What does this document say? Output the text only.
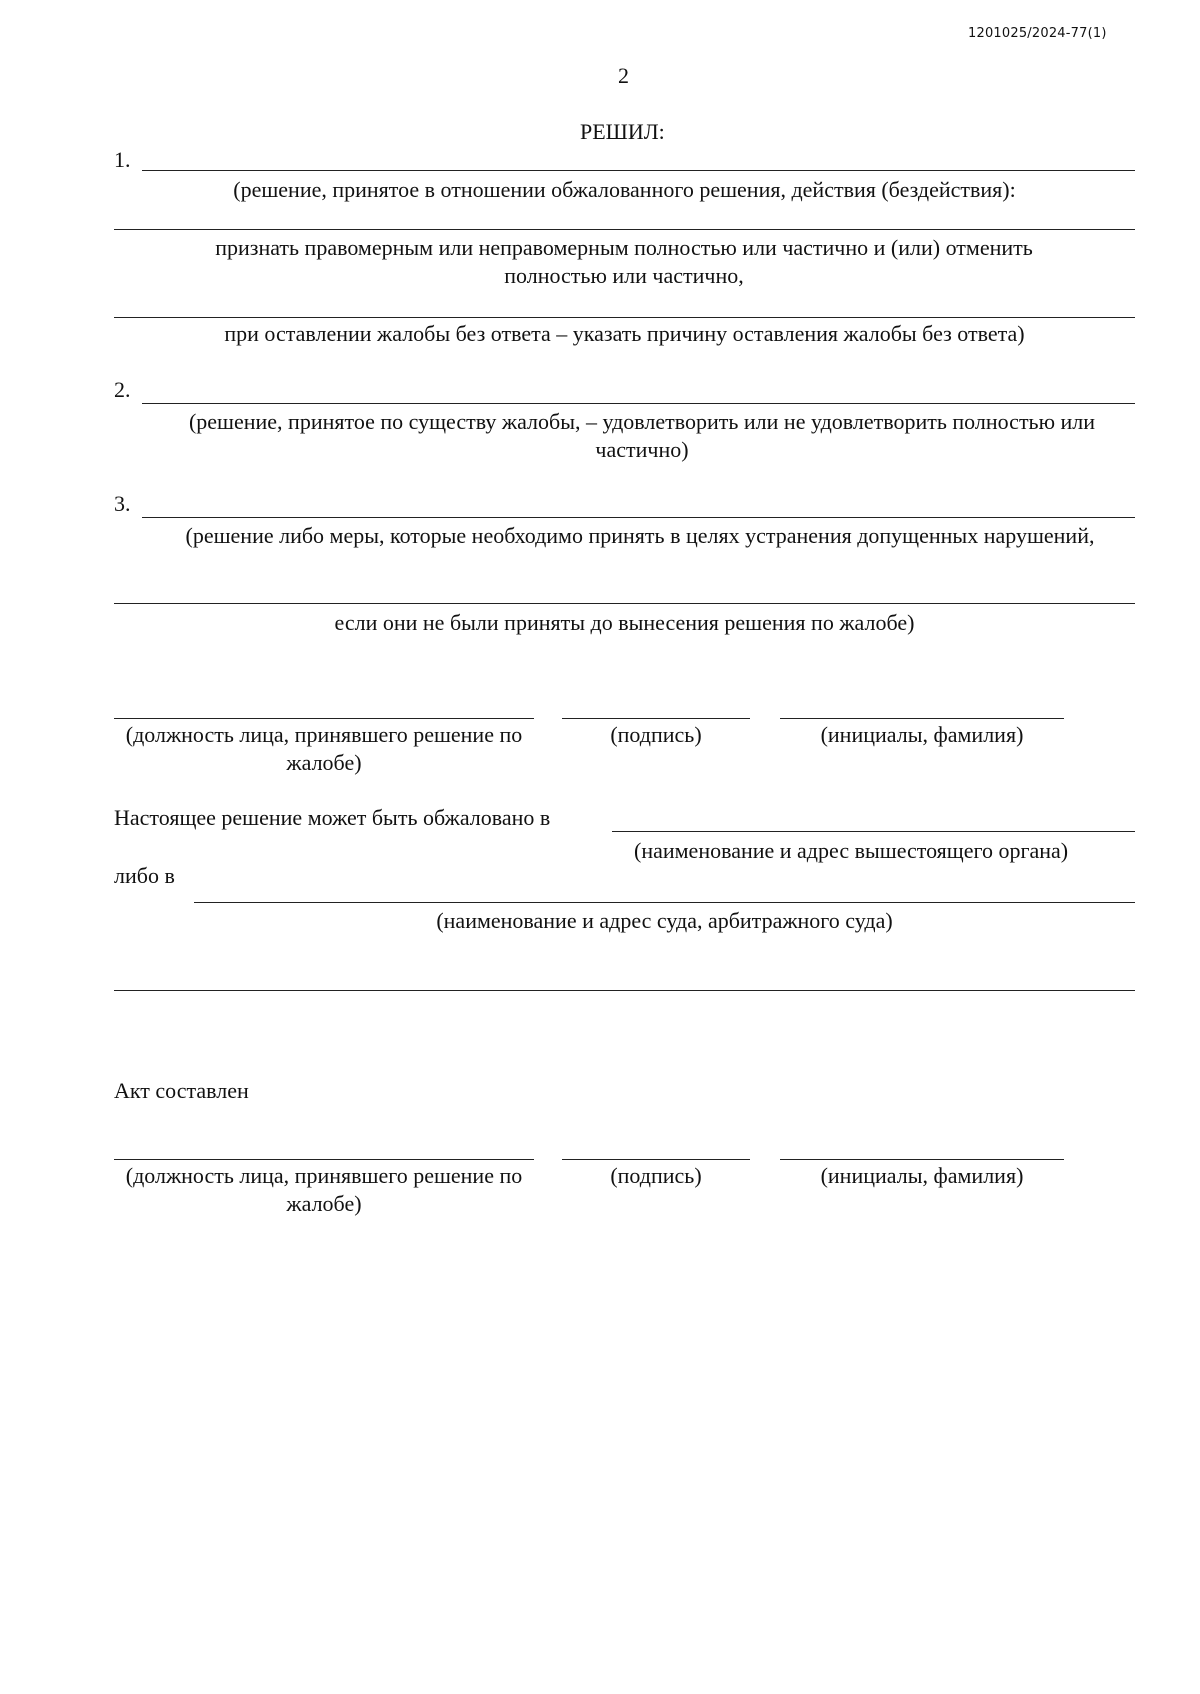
1201025/2024-77(1)
2
РЕШИЛ:
1.
(решение, принятое в отношении обжалованного решения, действия (бездействия):
признать правомерным или неправомерным полностью или частично и (или) отменить полностью или частично,
при оставлении жалобы без ответа – указать причину оставления жалобы без ответа)
2.
(решение, принятое по существу жалобы, – удовлетворить или не удовлетворить полностью или частично)
3.
(решение либо меры, которые необходимо принять в целях устранения допущенных нарушений,
если они не были приняты до вынесения решения по жалобе)
(должность лица, принявшего решение по жалобе)
(подпись)	(инициалы, фамилия)
Настоящее решение может быть обжаловано в
(наименование и адрес вышестоящего органа)
либо в
(наименование и адрес суда, арбитражного суда)
Акт составлен
(должность лица, принявшего решение по жалобе)
(подпись)	(инициалы, фамилия)
